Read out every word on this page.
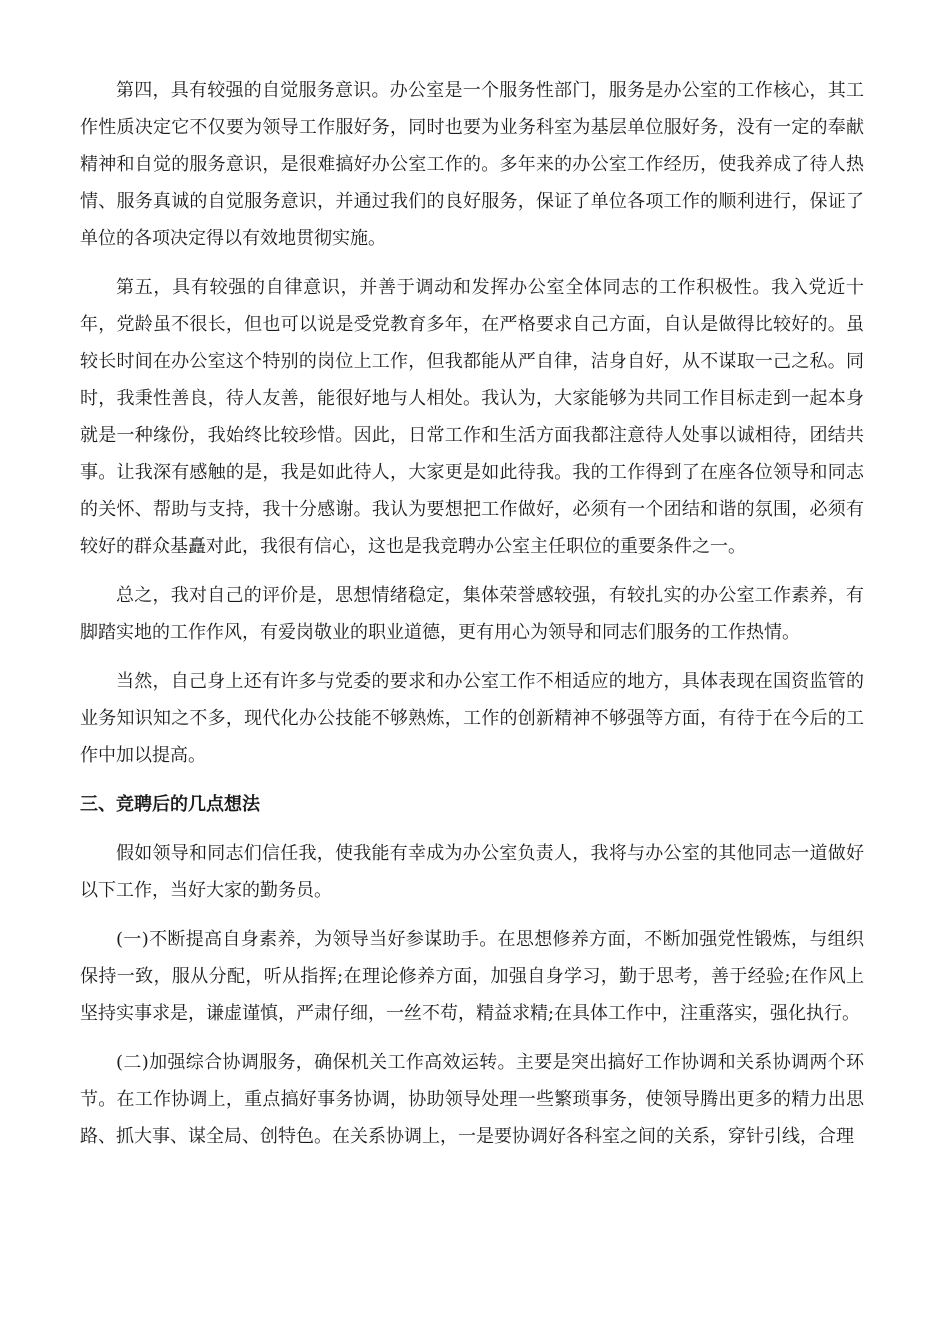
第四，具有较强的自觉服务意识。办公室是一个服务性部门，服务是办公室的工作核心，其工作性质决定它不仅要为领导工作服好务，同时也要为业务科室为基层单位服好务，没有一定的奉献精神和自觉的服务意识，是很难搞好办公室工作的。多年来的办公室工作经历，使我养成了待人热情、服务真诚的自觉服务意识，并通过我们的良好服务，保证了单位各项工作的顺利进行，保证了单位的各项决定得以有效地贯彻实施。

第五，具有较强的自律意识，并善于调动和发挥办公室全体同志的工作积极性。我入党近十年，党龄虽不很长，但也可以说是受党教育多年，在严格要求自己方面，自认是做得比较好的。虽较长时间在办公室这个特别的岗位上工作，但我都能从严自律，洁身自好，从不谋取一己之私。同时，我秉性善良，待人友善，能很好地与人相处。我认为，大家能够为共同工作目标走到一起本身就是一种缘份，我始终比较珍惜。因此，日常工作和生活方面我都注意待人处事以诚相待，团结共事。让我深有感触的是，我是如此待人，大家更是如此待我。我的工作得到了在座各位领导和同志的关怀、帮助与支持，我十分感谢。我认为要想把工作做好，必须有一个团结和谐的氛围，必须有较好的群众基矗对此，我很有信心，这也是我竞聘办公室主任职位的重要条件之一。

总之，我对自己的评价是，思想情绪稳定，集体荣誉感较强，有较扎实的办公室工作素养，有脚踏实地的工作作风，有爱岗敬业的职业道德，更有用心为领导和同志们服务的工作热情。

当然，自己身上还有许多与党委的要求和办公室工作不相适应的地方，具体表现在国资监管的业务知识知之不多，现代化办公技能不够熟炼，工作的创新精神不够强等方面，有待于在今后的工作中加以提高。

三、竞聘后的几点想法

假如领导和同志们信任我，使我能有幸成为办公室负责人，我将与办公室的其他同志一道做好以下工作，当好大家的勤务员。

(一)不断提高自身素养，为领导当好参谋助手。在思想修养方面，不断加强党性锻炼，与组织保持一致，服从分配，听从指挥;在理论修养方面，加强自身学习，勤于思考，善于经验;在作风上坚持实事求是，谦虚谨慎，严肃仔细，一丝不苟，精益求精;在具体工作中，注重落实，强化执行。

(二)加强综合协调服务，确保机关工作高效运转。主要是突出搞好工作协调和关系协调两个环节。在工作协调上，重点搞好事务协调，协助领导处理一些繁琐事务，使领导腾出更多的精力出思路、抓大事、谋全局、创特色。在关系协调上，一是要协调好各科室之间的关系，穿针引线，合理
